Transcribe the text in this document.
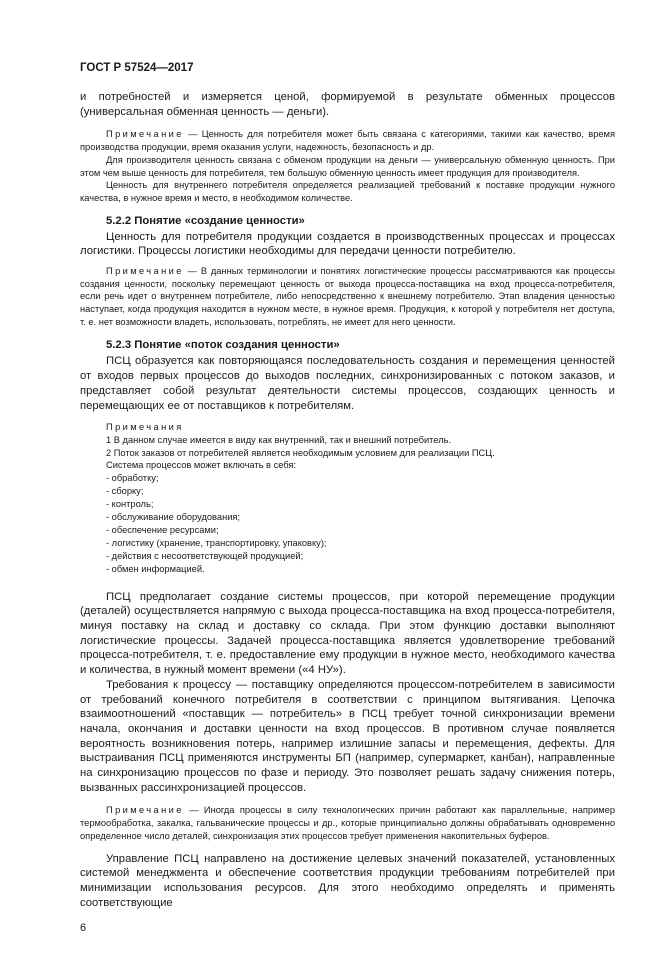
ГОСТ Р 57524—2017

и потребностей и измеряется ценой, формируемой в результате обменных процессов (универсальная обменная ценность — деньги).

Примечание — Ценность для потребителя может быть связана с категориями, такими как качество, время производства продукции, время оказания услуги, надежность, безопасность и др.

Для производителя ценность связана с обменом продукции на деньги — универсальную обменную ценность. При этом чем выше ценность для потребителя, тем большую обменную ценность имеет продукция для производителя.

Ценность для внутреннего потребителя определяется реализацией требований к поставке продукции нужного качества, в нужное время и место, в необходимом количестве.

5.2.2 Понятие «создание ценности»

Ценность для потребителя продукции создается в производственных процессах и процессах логистики. Процессы логистики необходимы для передачи ценности потребителю.

Примечание — В данных терминологии и понятиях логистические процессы рассматриваются как процессы создания ценности, поскольку перемещают ценность от выхода процесса-поставщика на вход процесса-потребителя, если речь идет о внутреннем потребителе, либо непосредственно к внешнему потребителю. Этап владения ценностью наступает, когда продукция находится в нужном месте, в нужное время. Продукция, к которой у потребителя нет доступа, т. е. нет возможности владеть, использовать, потреблять, не имеет для него ценности.

5.2.3 Понятие «поток создания ценности»

ПСЦ образуется как повторяющаяся последовательность создания и перемещения ценностей от входов первых процессов до выходов последних, синхронизированных с потоком заказов, и представляет собой результат деятельности системы процессов, создающих ценность и перемещающих ее от поставщиков к потребителям.

Примечания
1 В данном случае имеется в виду как внутренний, так и внешний потребитель.
2 Поток заказов от потребителей является необходимым условием для реализации ПСЦ.
Система процессов может включать в себя:
- обработку;
- сборку;
- контроль;
- обслуживание оборудования;
- обеспечение ресурсами;
- логистику (хранение, транспортировку, упаковку);
- действия с несоответствующей продукцией;
- обмен информацией.

ПСЦ предполагает создание системы процессов, при которой перемещение продукции (деталей) осуществляется напрямую с выхода процесса-поставщика на вход процесса-потребителя, минуя поставку на склад и доставку со склада. При этом функцию доставки выполняют логистические процессы. Задачей процесса-поставщика является удовлетворение требований процесса-потребителя, т. е. предоставление ему продукции в нужное место, необходимого качества и количества, в нужный момент времени («4 НУ»).

Требования к процессу — поставщику определяются процессом-потребителем в зависимости от требований конечного потребителя в соответствии с принципом вытягивания. Цепочка взаимоотношений «поставщик — потребитель» в ПСЦ требует точной синхронизации времени начала, окончания и доставки ценности на вход процессов. В противном случае появляется вероятность возникновения потерь, например излишние запасы и перемещения, дефекты. Для выстраивания ПСЦ применяются инструменты БП (например, супермаркет, канбан), направленные на синхронизацию процессов по фазе и периоду. Это позволяет решать задачу снижения потерь, вызванных рассинхронизацией процессов.

Примечание — Иногда процессы в силу технологических причин работают как параллельные, например термообработка, закалка, гальванические процессы и др., которые принципиально должны обрабатывать одновременно определенное число деталей, синхронизация этих процессов требует применения накопительных буферов.

Управление ПСЦ направлено на достижение целевых значений показателей, установленных системой менеджмента и обеспечение соответствия продукции требованиям потребителей при минимизации использования ресурсов. Для этого необходимо определять и применять соответствующие

6
